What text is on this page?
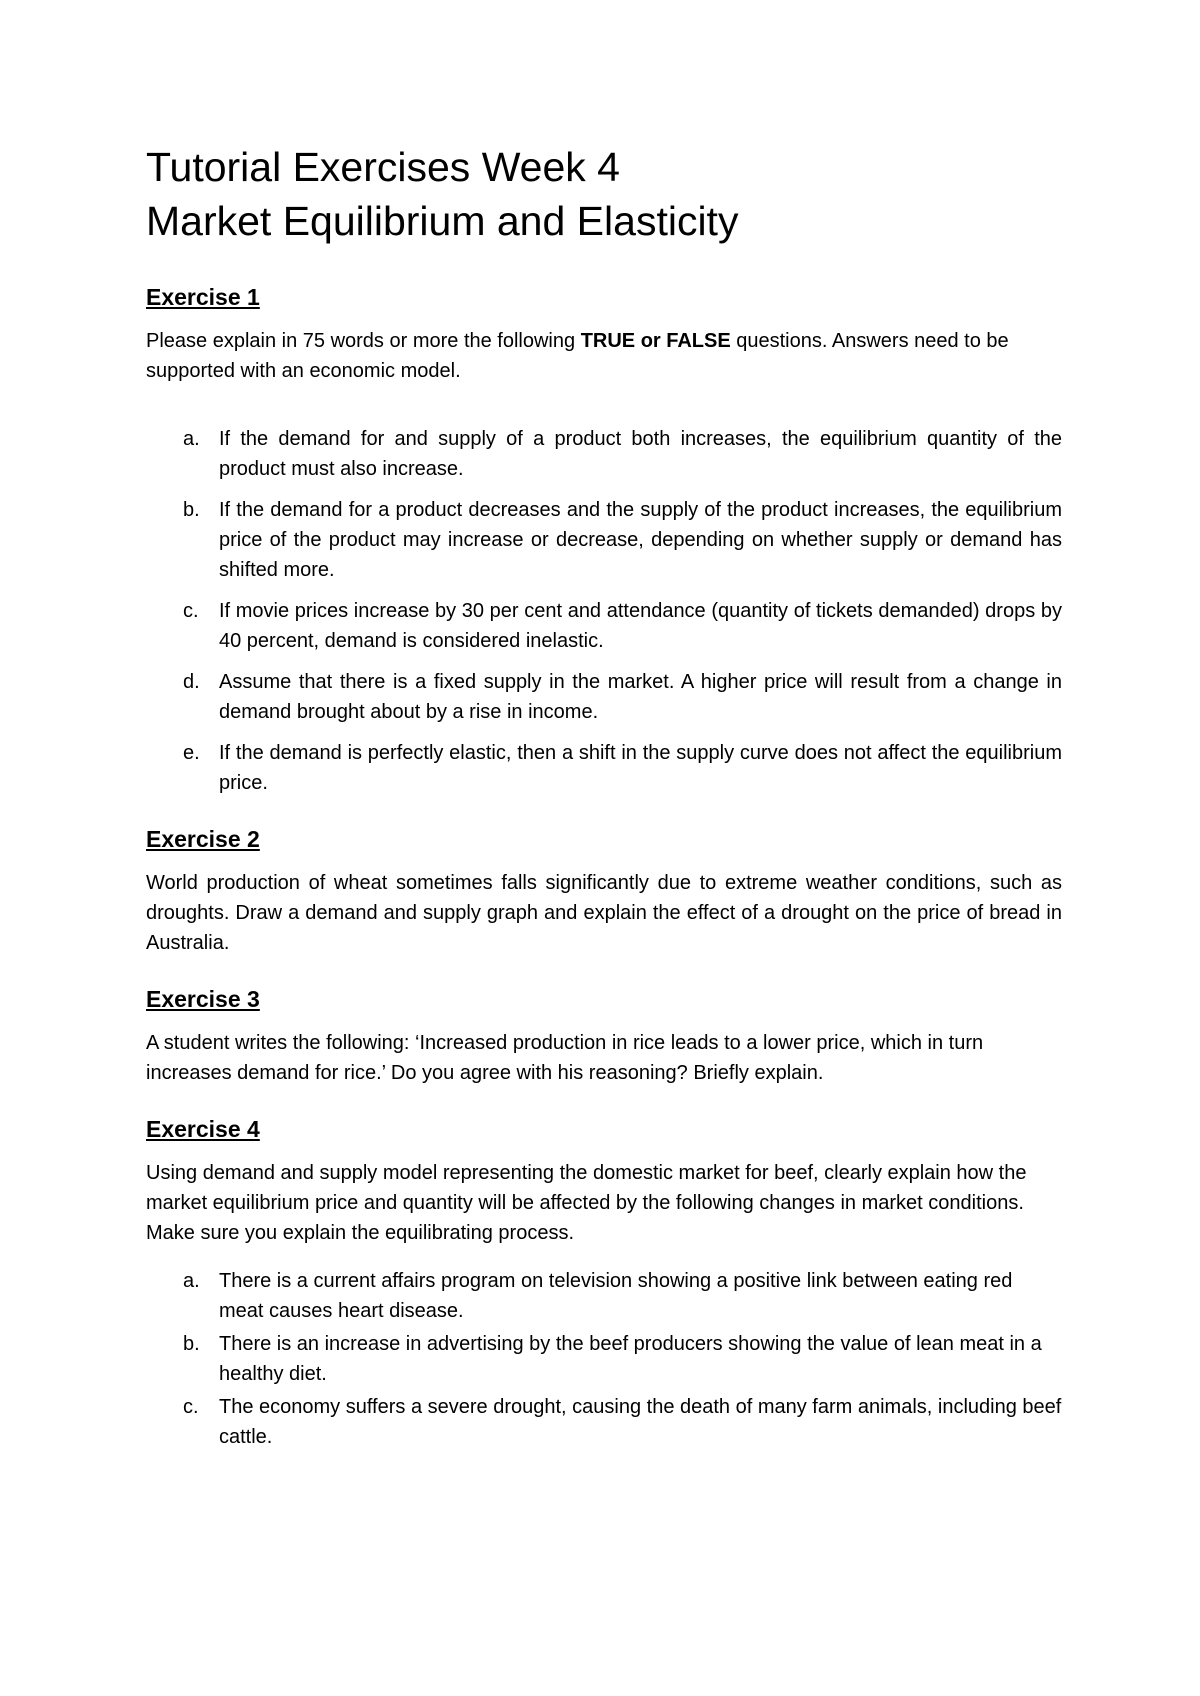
Tutorial Exercises Week 4
Market Equilibrium and Elasticity
Exercise 1

Please explain in 75 words or more the following TRUE or FALSE questions. Answers need to be supported with an economic model.

a. If the demand for and supply of a product both increases, the equilibrium quantity of the product must also increase.
b. If the demand for a product decreases and the supply of the product increases, the equilibrium price of the product may increase or decrease, depending on whether supply or demand has shifted more.
c. If movie prices increase by 30 per cent and attendance (quantity of tickets demanded) drops by 40 percent, demand is considered inelastic.
d. Assume that there is a fixed supply in the market. A higher price will result from a change in demand brought about by a rise in income.
e. If the demand is perfectly elastic, then a shift in the supply curve does not affect the equilibrium price.
Exercise 2

World production of wheat sometimes falls significantly due to extreme weather conditions, such as droughts. Draw a demand and supply graph and explain the effect of a drought on the price of bread in Australia.

Exercise 3

A student writes the following: ‘Increased production in rice leads to a lower price, which in turn increases demand for rice.’ Do you agree with his reasoning? Briefly explain.

Exercise 4

Using demand and supply model representing the domestic market for beef, clearly explain how the market equilibrium price and quantity will be affected by the following changes in market conditions. Make sure you explain the equilibrating process.

a. There is a current affairs program on television showing a positive link between eating red meat causes heart disease.
b. There is an increase in advertising by the beef producers showing the value of lean meat in a healthy diet.
c. The economy suffers a severe drought, causing the death of many farm animals, including beef cattle.
